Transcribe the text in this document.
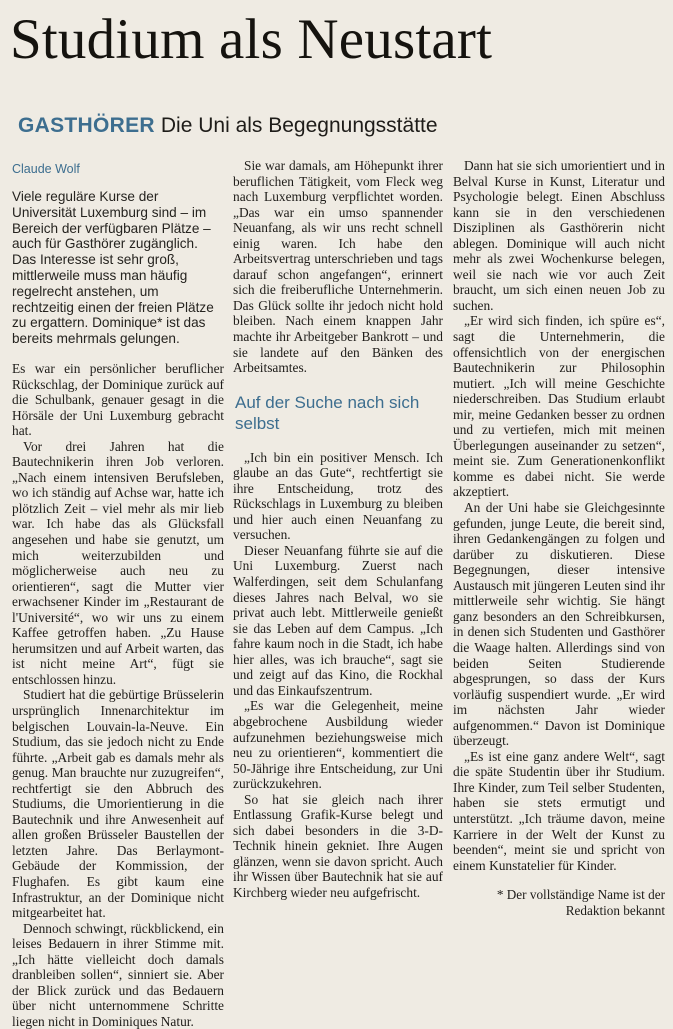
Studium als Neustart
GASTHÖRER Die Uni als Begegnungsstätte
Claude Wolf
Viele reguläre Kurse der Universität Luxemburg sind – im Bereich der verfügbaren Plätze – auch für Gasthörer zugänglich. Das Interesse ist sehr groß, mittlerweile muss man häufig regelrecht anstehen, um rechtzeitig einen der freien Plätze zu ergattern. Dominique* ist das bereits mehrmals gelungen.

Es war ein persönlicher beruflicher Rückschlag, der Dominique zurück auf die Schulbank, genauer gesagt in die Hörsäle der Uni Luxemburg gebracht hat.

Vor drei Jahren hat die Bautechnikerin ihren Job verloren. „Nach einem intensiven Berufsleben, wo ich ständig auf Achse war, hatte ich plötzlich Zeit – viel mehr als mir lieb war. Ich habe das als Glücksfall angesehen und habe sie genutzt, um mich weiterzubilden und möglicherweise auch neu zu orientieren“, sagt die Mutter vier erwachsener Kinder im „Restaurant de l'Université“, wo wir uns zu einem Kaffee getroffen haben. „Zu Hause herumsitzen und auf Arbeit warten, das ist nicht meine Art“, fügt sie entschlossen hinzu.

Studiert hat die gebürtige Brüsselerin ursprünglich Innenarchitektur im belgischen Louvain-la-Neuve. Ein Studium, das sie jedoch nicht zu Ende führte. „Arbeit gab es damals mehr als genug. Man brauchte nur zuzugreifen“, rechtfertigt sie den Abbruch des Studiums, die Umorientierung in die Bautechnik und ihre Anwesenheit auf allen großen Brüsseler Baustellen der letzten Jahre. Das Berlaymont-Gebäude der Kommission, der Flughafen. Es gibt kaum eine Infrastruktur, an der Dominique nicht mitgearbeitet hat.

Dennoch schwingt, rückblickend, ein leises Bedauern in ihrer Stimme mit. „Ich hätte vielleicht doch damals dranbleiben sollen“, sinniert sie. Aber der Blick zurück und das Bedauern über nicht unternommene Schritte liegen nicht in Dominiques Natur.

Sie war damals, am Höhepunkt ihrer beruflichen Tätigkeit, vom Fleck weg nach Luxemburg verpflichtet worden. „Das war ein umso spannender Neuanfang, als wir uns recht schnell einig waren. Ich habe den Arbeitsvertrag unterschrieben und tags darauf schon angefangen“, erinnert sich die freiberufliche Unternehmerin. Das Glück sollte ihr jedoch nicht hold bleiben. Nach einem knappen Jahr machte ihr Arbeitgeber Bankrott – und sie landete auf den Bänken des Arbeitsamtes.

Auf der Suche nach sich selbst

„Ich bin ein positiver Mensch. Ich glaube an das Gute“, rechtfertigt sie ihre Entscheidung, trotz des Rückschlags in Luxemburg zu bleiben und hier auch einen Neuanfang zu versuchen.

Dieser Neuanfang führte sie auf die Uni Luxemburg. Zuerst nach Walferdingen, seit dem Schulanfang dieses Jahres nach Belval, wo sie privat auch lebt. Mittlerweile genießt sie das Leben auf dem Campus. „Ich fahre kaum noch in die Stadt, ich habe hier alles, was ich brauche“, sagt sie und zeigt auf das Kino, die Rockhal und das Einkaufszentrum.

„Es war die Gelegenheit, meine abgebrochene Ausbildung wieder aufzunehmen beziehungsweise mich neu zu orientieren“, kommentiert die 50-Jährige ihre Entscheidung, zur Uni zurückzukehren.

So hat sie gleich nach ihrer Entlassung Grafik-Kurse belegt und sich dabei besonders in die 3-D-Technik hinein gekniet. Ihre Augen glänzen, wenn sie davon spricht. Auch ihr Wissen über Bautechnik hat sie auf Kirchberg wieder neu aufgefrischt.

Dann hat sie sich umorientiert und in Belval Kurse in Kunst, Literatur und Psychologie belegt. Einen Abschluss kann sie in den verschiedenen Disziplinen als Gasthörerin nicht ablegen. Dominique will auch nicht mehr als zwei Wochenkurse belegen, weil sie nach wie vor auch Zeit braucht, um sich einen neuen Job zu suchen.

„Er wird sich finden, ich spüre es“, sagt die Unternehmerin, die offensichtlich von der energischen Bautechnikerin zur Philosophin mutiert. „Ich will meine Geschichte niederschreiben. Das Studium erlaubt mir, meine Gedanken besser zu ordnen und zu vertiefen, mich mit meinen Überlegungen auseinander zu setzen“, meint sie. Zum Generationenkonflikt komme es dabei nicht. Sie werde akzeptiert.

An der Uni habe sie Gleichgesinnte gefunden, junge Leute, die bereit sind, ihren Gedankengängen zu folgen und darüber zu diskutieren. Diese Begegnungen, dieser intensive Austausch mit jüngeren Leuten sind ihr mittlerweile sehr wichtig. Sie hängt ganz besonders an den Schreibkursen, in denen sich Studenten und Gasthörer die Waage halten. Allerdings sind von beiden Seiten Studierende abgesprungen, so dass der Kurs vorläufig suspendiert wurde. „Er wird im nächsten Jahr wieder aufgenommen.“ Davon ist Dominique überzeugt.

„Es ist eine ganz andere Welt“, sagt die späte Studentin über ihr Studium. Ihre Kinder, zum Teil selber Studenten, haben sie stets ermutigt und unterstützt. „Ich träume davon, meine Karriere in der Welt der Kunst zu beenden“, meint sie und spricht von einem Kunstatelier für Kinder.

* Der vollständige Name ist der Redaktion bekannt
